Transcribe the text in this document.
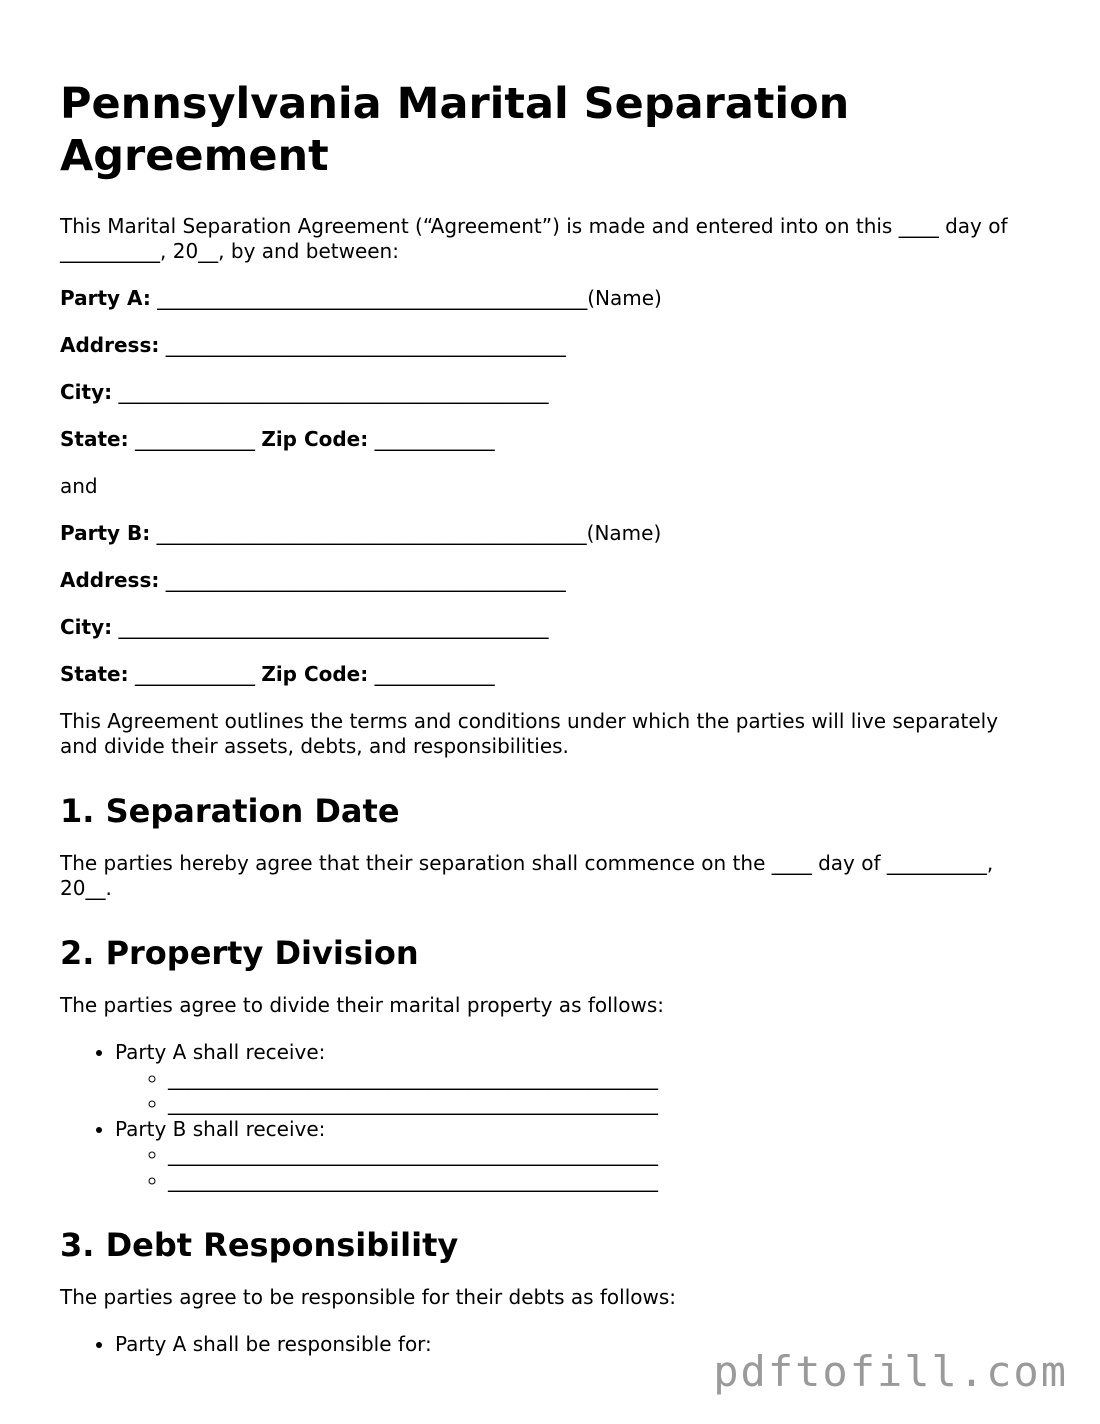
Pennsylvania Marital Separation Agreement

This Marital Separation Agreement (“Agreement”) is made and entered into on this ____ day of __________, 20__, by and between:

Party A: ___________________________________________(Name)
Address: ________________________________________
City: ___________________________________________
State: ____________ Zip Code: ____________

and

Party B: ___________________________________________(Name)
Address: ________________________________________
City: ___________________________________________
State: ____________ Zip Code: ____________

This Agreement outlines the terms and conditions under which the parties will live separately and divide their assets, debts, and responsibilities.

1. Separation Date

The parties hereby agree that their separation shall commence on the ____ day of __________, 20__.

2. Property Division

The parties agree to divide their marital property as follows:

• Party A shall receive:
◦ _________________________________________________
◦ _________________________________________________
• Party B shall receive:
◦ _________________________________________________
◦ _________________________________________________
3. Debt Responsibility

The parties agree to be responsible for their debts as follows:

• Party A shall be responsible for:
pdftofill.com
